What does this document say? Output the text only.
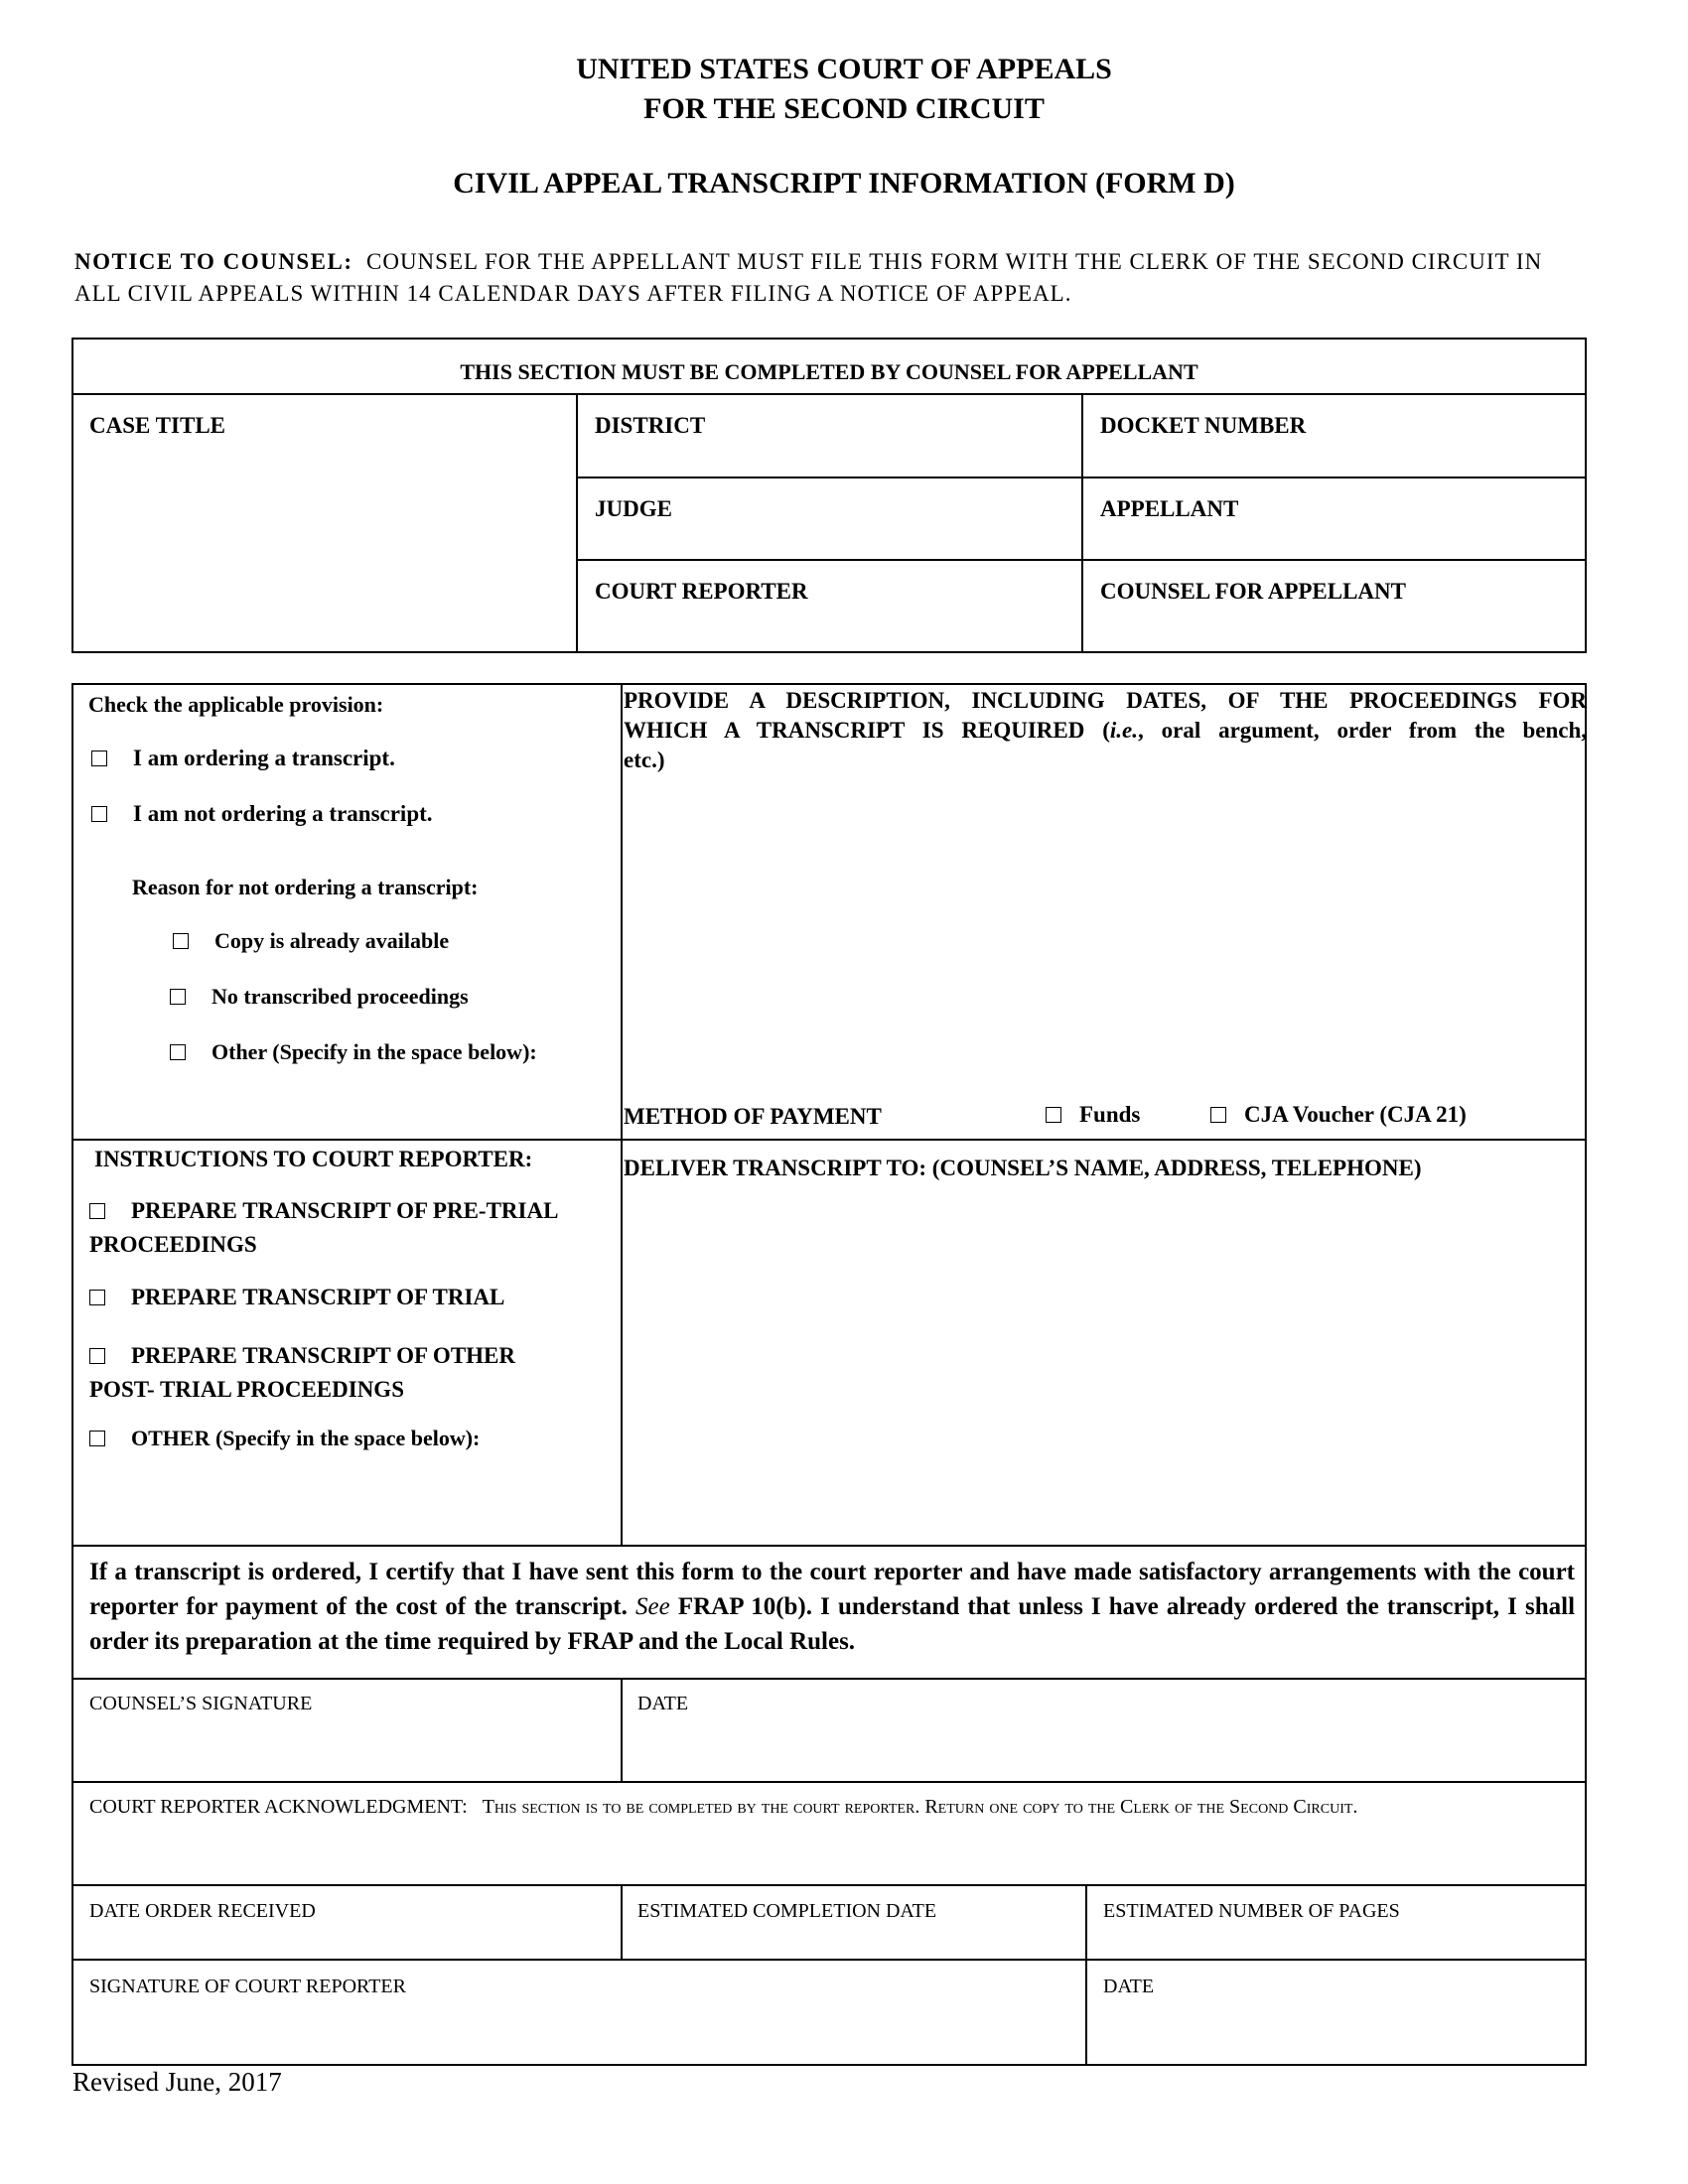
UNITED STATES COURT OF APPEALS
FOR THE SECOND CIRCUIT
CIVIL APPEAL TRANSCRIPT INFORMATION (FORM D)
NOTICE TO COUNSEL: COUNSEL FOR THE APPELLANT MUST FILE THIS FORM WITH THE CLERK OF THE SECOND CIRCUIT IN ALL CIVIL APPEALS WITHIN 14 CALENDAR DAYS AFTER FILING A NOTICE OF APPEAL.
THIS SECTION MUST BE COMPLETED BY COUNSEL FOR APPELLANT
CASE TITLE	DISTRICT	DOCKET NUMBER
JUDGE	APPELLANT
COURT REPORTER	COUNSEL FOR APPELLANT
Check the applicable provision:
I am ordering a transcript.
I am not ordering a transcript.
Reason for not ordering a transcript:
Copy is already available
No transcribed proceedings
Other (Specify in the space below):
PROVIDE A DESCRIPTION, INCLUDING DATES, OF THE PROCEEDINGS FOR
WHICH A TRANSCRIPT IS REQUIRED (i.e., oral argument, order from the bench,
etc.)
METHOD OF PAYMENT	Funds	CJA Voucher (CJA 21)
INSTRUCTIONS TO COURT REPORTER:
PREPARE TRANSCRIPT OF PRE-TRIAL
PROCEEDINGS
PREPARE TRANSCRIPT OF TRIAL
PREPARE TRANSCRIPT OF OTHER
POST- TRIAL PROCEEDINGS
OTHER (Specify in the space below):
DELIVER TRANSCRIPT TO: (COUNSEL’S NAME, ADDRESS, TELEPHONE)
If a transcript is ordered, I certify that I have sent this form to the court reporter and have made satisfactory arrangements with the court reporter for payment of the cost of the transcript. See FRAP 10(b). I understand that unless I have already ordered the transcript, I shall order its preparation at the time required by FRAP and the Local Rules.
COUNSEL’S SIGNATURE	DATE
COURT REPORTER ACKNOWLEDGMENT: This section is to be completed by the court reporter. Return one copy to the Clerk of the Second Circuit.
DATE ORDER RECEIVED	ESTIMATED COMPLETION DATE	ESTIMATED NUMBER OF PAGES
SIGNATURE OF COURT REPORTER	DATE
Revised June, 2017
